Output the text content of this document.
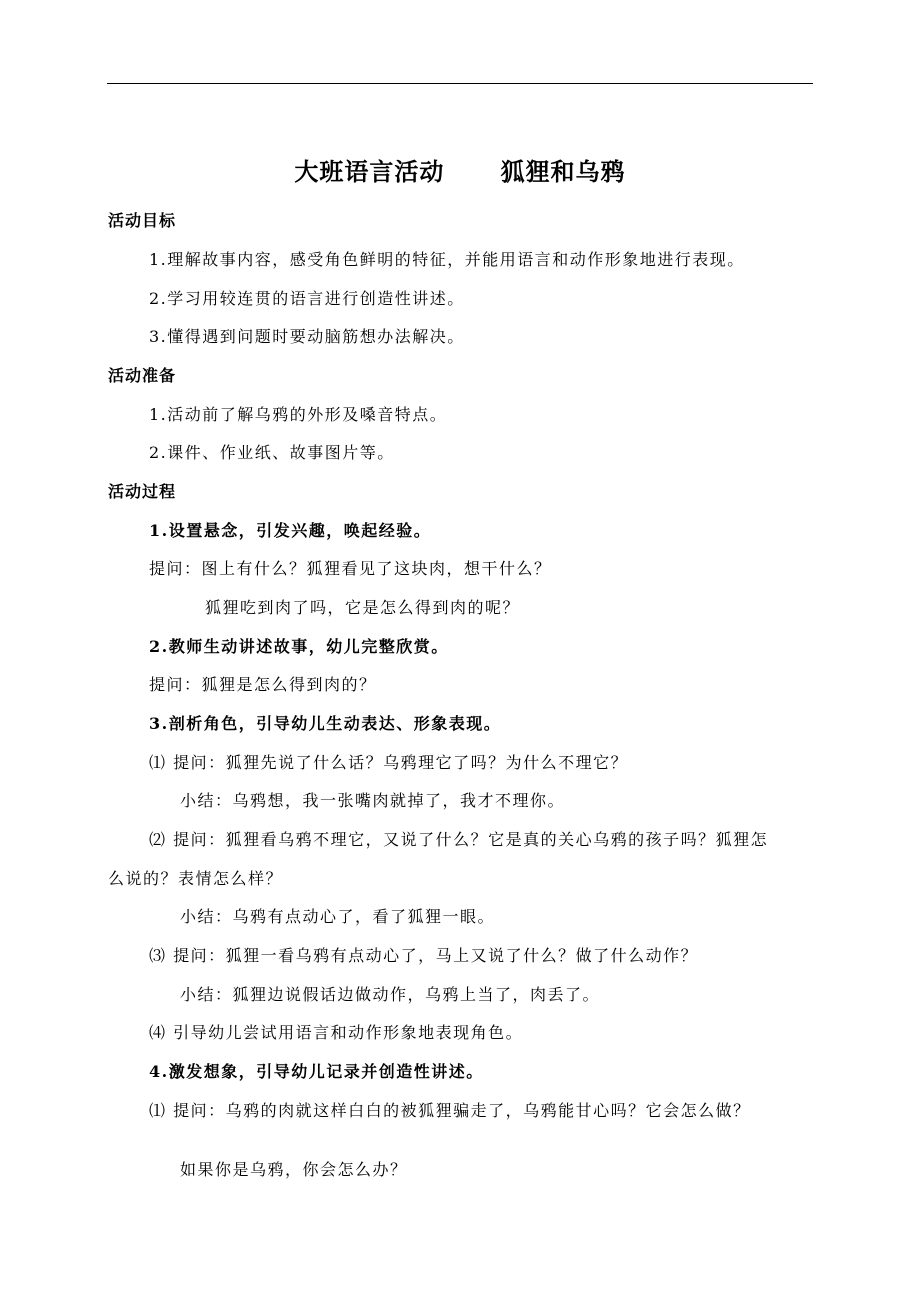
大班语言活动 狐狸和乌鸦
活动目标
1.理解故事内容，感受角色鲜明的特征，并能用语言和动作形象地进行表现。
2.学习用较连贯的语言进行创造性讲述。
3.懂得遇到问题时要动脑筋想办法解决。
活动准备
1.活动前了解乌鸦的外形及嗓音特点。
2.课件、作业纸、故事图片等。
活动过程
1.设置悬念，引发兴趣，唤起经验。
提问：图上有什么？狐狸看见了这块肉，想干什么？
狐狸吃到肉了吗，它是怎么得到肉的呢？
2.教师生动讲述故事，幼儿完整欣赏。
提问：狐狸是怎么得到肉的？
3.剖析角色，引导幼儿生动表达、形象表现。
⑴ 提问：狐狸先说了什么话？乌鸦理它了吗？为什么不理它？
小结：乌鸦想，我一张嘴肉就掉了，我才不理你。
⑵ 提问：狐狸看乌鸦不理它，又说了什么？它是真的关心乌鸦的孩子吗？狐狸怎
么说的？表情怎么样？
小结：乌鸦有点动心了，看了狐狸一眼。
⑶ 提问：狐狸一看乌鸦有点动心了，马上又说了什么？做了什么动作？
小结：狐狸边说假话边做动作，乌鸦上当了，肉丢了。
⑷ 引导幼儿尝试用语言和动作形象地表现角色。
4.激发想象，引导幼儿记录并创造性讲述。
⑴ 提问：乌鸦的肉就这样白白的被狐狸骗走了，乌鸦能甘心吗？它会怎么做？
如果你是乌鸦，你会怎么办？
